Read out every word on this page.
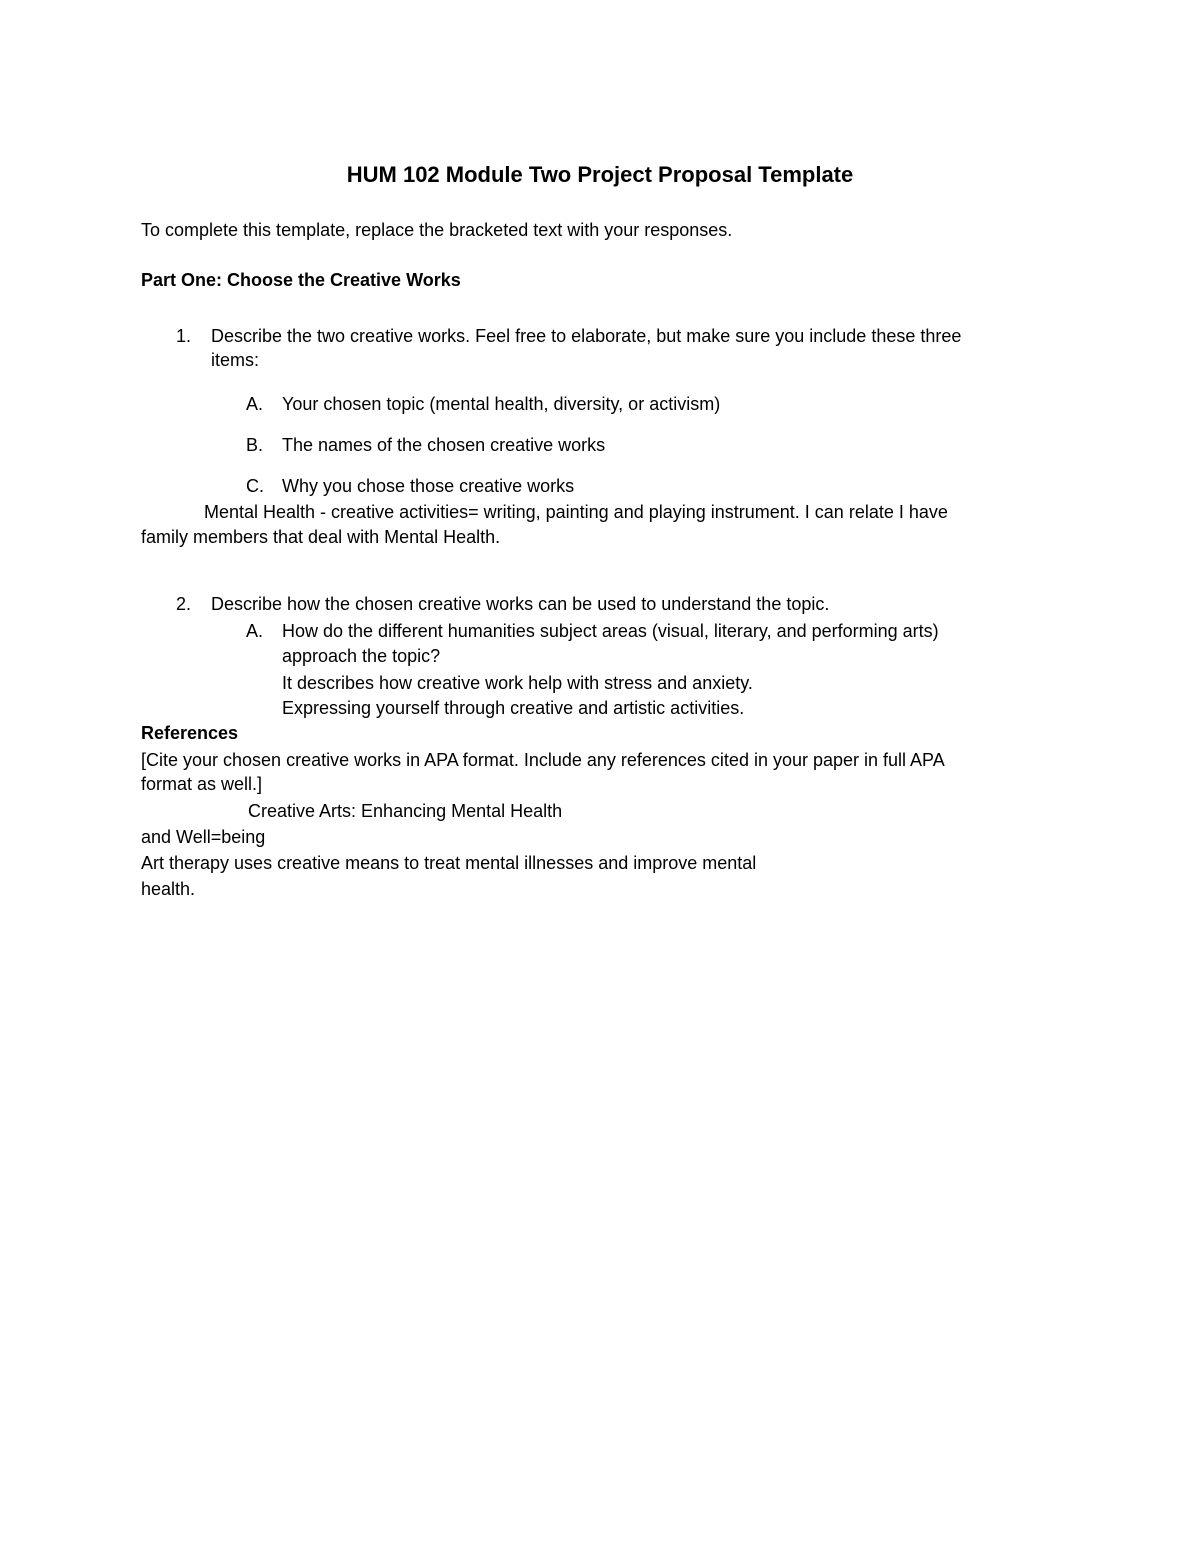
HUM 102 Module Two Project Proposal Template

To complete this template, replace the bracketed text with your responses.

Part One: Choose the Creative Works

1. Describe the two creative works. Feel free to elaborate, but make sure you include these three

items:

A. Your chosen topic (mental health, diversity, or activism)

B. The names of the chosen creative works

C. Why you chose those creative works

Mental Health - creative activities= writing, painting and playing instrument. I can relate I have

family members that deal with Mental Health.

2. Describe how the chosen creative works can be used to understand the topic.

A. How do the different humanities subject areas (visual, literary, and performing arts)

approach the topic?

It describes how creative work help with stress and anxiety.

Expressing yourself through creative and artistic activities.

References

[Cite your chosen creative works in APA format. Include any references cited in your paper in full APA

format as well.]

Creative Arts: Enhancing Mental Health

and Well=being

Art therapy uses creative means to treat mental illnesses and improve mental

health.
